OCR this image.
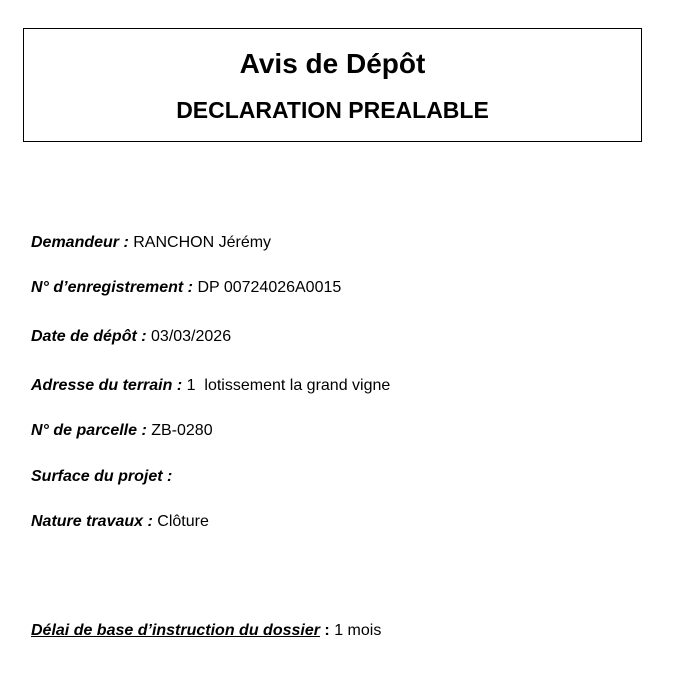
Avis de Dépôt
DECLARATION PREALABLE
Demandeur : RANCHON Jérémy
N° d’enregistrement : DP 00724026A0015
Date de dépôt : 03/03/2026
Adresse du terrain : 1  lotissement la grand vigne
N° de parcelle : ZB-0280
Surface du projet :
Nature travaux : Clôture
Délai de base d’instruction du dossier : 1 mois
